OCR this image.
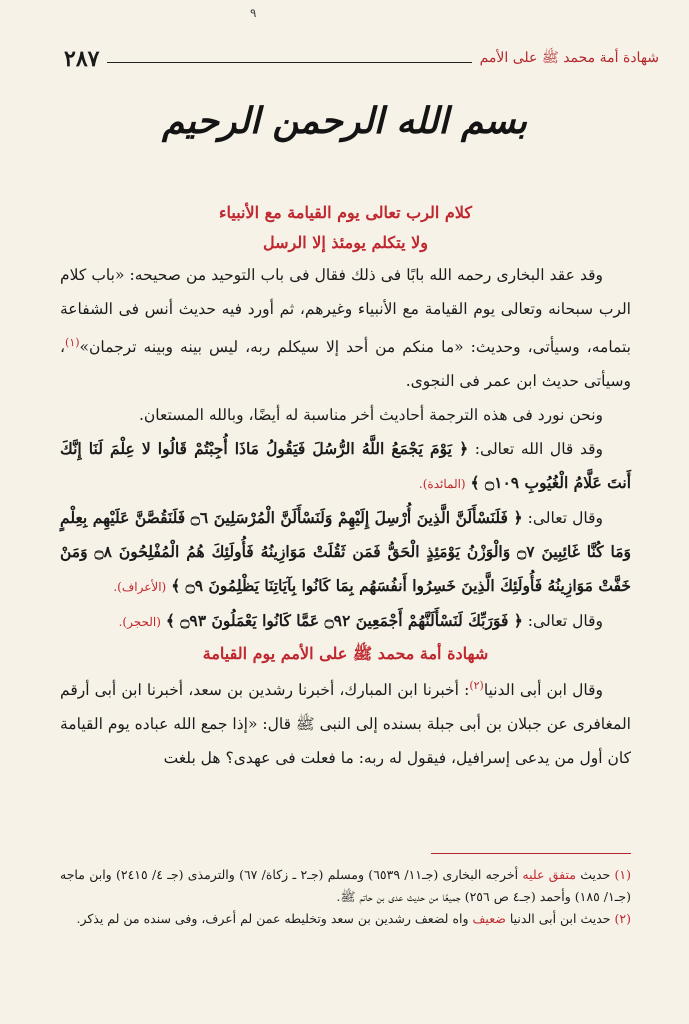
٩
شهادة أمة محمد ﷺ على الأمم
٢٨٧
بسم الله الرحمن الرحيم
كلام الرب تعالى يوم القيامة مع الأنبياء
ولا يتكلم يومئذ إلا الرسل

وقد عقد البخارى رحمه الله بابًا فى ذلك فقال فى باب التوحيد من صحيحه: «باب كلام الرب سبحانه وتعالى يوم القيامة مع الأنبياء وغيرهم، ثم أورد فيه حديث أنس فى الشفاعة بتمامه، وسيأتى، وحديث: «ما منكم من أحد إلا سيكلم ربه، ليس بينه وبينه ترجمان»$^{(١)}$، وسيأتى حديث ابن عمر فى النجوى.

ونحن نورد فى هذه الترجمة أحاديث أخر مناسبة له أيضًا، وبالله المستعان.

وقد قال الله تعالى: ﴿ يَوْمَ يَجْمَعُ اللَّهُ الرُّسُلَ فَيَقُولُ مَاذَا أُجِبْتُمْ قَالُوا لا عِلْمَ لَنَا إِنَّكَ أَنتَ عَلَّامُ الْغُيُوبِ ۝١٠٩ ﴾ (المائدة).

وقال تعالى: ﴿ فَلَنَسْأَلَنَّ الَّذِينَ أُرْسِلَ إِلَيْهِمْ وَلَنَسْأَلَنَّ الْمُرْسَلِينَ ۝٦ فَلَنَقُصَّنَّ عَلَيْهِم بِعِلْمٍ وَمَا كُنَّا غَائِبِينَ ۝٧ وَالْوَزْنُ يَوْمَئِذٍ الْحَقُّ فَمَن ثَقُلَتْ مَوَازِينُهُ فَأُولَئِكَ هُمُ الْمُفْلِحُونَ ۝٨ وَمَنْ خَفَّتْ مَوَازِينُهُ فَأُولَئِكَ الَّذِينَ خَسِرُوا أَنفُسَهُم بِمَا كَانُوا بِآيَاتِنَا يَظْلِمُونَ ۝٩ ﴾ (الأعراف).

وقال تعالى: ﴿ فَوَرَبِّكَ لَنَسْأَلَنَّهُمْ أَجْمَعِينَ ۝٩٢ عَمَّا كَانُوا يَعْمَلُونَ ۝٩٣ ﴾ (الحجر).

شهادة أمة محمد ﷺ على الأمم يوم القيامة

وقال ابن أبى الدنيا$^{(٢)}$: أخبرنا ابن المبارك، أخبرنا رشدين بن سعد، أخبرنا ابن أبى أرقم المغافرى عن جبلان بن أبى جبلة بسنده إلى النبى ﷺ قال: «إذا جمع الله عباده يوم القيامة كان أول من يدعى إسرافيل، فيقول له ربه: ما فعلت فى عهدى؟ هل بلغت

(١) حديث متفق عليه أخرجه البخارى (جـ١١/ ٦٥٣٩) ومسلم (جـ٢ ـ زكاة/ ٦٧) والترمذى (جـ ٤/ ٢٤١٥) وابن ماجه (جـ١/ ١٨٥) وأحمد (جـ٤ ص ٢٥٦) جميعًا من حديث عدى بن حاتم ﷺ.

(٢) حديث ابن أبى الدنيا ضعيف واه لضعف رشدين بن سعد وتخليطه عمن لم أعرف، وفى سنده من لم يذكر.
